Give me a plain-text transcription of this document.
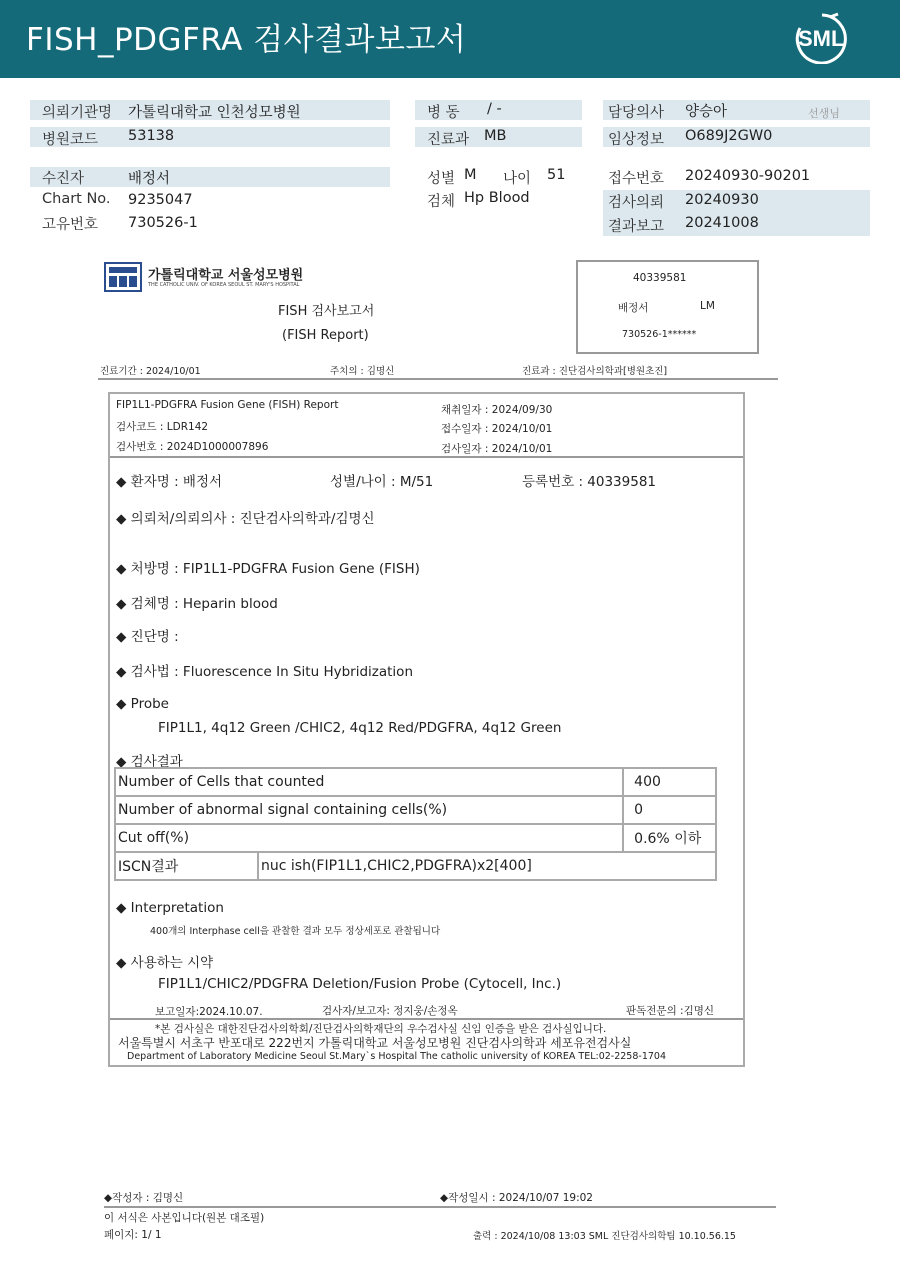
FISH_PDGFRA 검사결과보고서	SML
의뢰기관명 가톨릭대학교 인천성모병원
병원코드 53138
수진자	배정서
Chart No. 9235047
고유번호 730526-1
병 동 / -
진료과 MB
성별 M 나이 51
검체 Hp Blood
담당의사 양승아	선생님
임상정보 O689J2GW0
접수번호 20240930-90201
검사의뢰 20240930
결과보고 20241008
가톨릭대학교 서울성모병원
THE CATHOLIC UNIV. OF KOREA SEOUL ST. MARY'S HOSPITAL
FISH 검사보고서
(FISH Report)
40339581
배정서	LM
730526-1******
진료기간 : 2024/10/01	주치의 : 김명신	진료과 : 진단검사의학과[병원초진]
FIP1L1-PDGFRA Fusion Gene (FISH) Report
검사코드 : LDR142
검사번호 : 2024D1000007896
채취일자 : 2024/09/30
접수일자 : 2024/10/01
검사일자 : 2024/10/01
◆ 환자명 : 배정서	성별/나이 : M/51	등록번호 : 40339581
◆ 의뢰처/의뢰의사 : 진단검사의학과/김명신
◆ 처방명 : FIP1L1-PDGFRA Fusion Gene (FISH)
◆ 검체명 : Heparin blood
◆ 진단명 :
◆ 검사법 : Fluorescence In Situ Hybridization
◆ Probe
FIP1L1, 4q12 Green /CHIC2, 4q12 Red/PDGFRA, 4q12 Green
◆ 검사결과
Number of Cells that counted		400
Number of abnormal signal containing cells(%)		0
Cut off(%)		0.6% 이하
ISCN결과	nuc ish(FIP1L1,CHIC2,PDGFRA)x2[400]	
◆ Interpretation
400개의 Interphase cell을 관찰한 결과 모두 정상세포로 관찰됩니다
◆ 사용하는 시약
FIP1L1/CHIC2/PDGFRA Deletion/Fusion Probe (Cytocell, Inc.)
보고일자:2024.10.07.	검사자/보고자: 정지웅/손정옥	판독전문의 :김명신
*본 검사실은 대한진단검사의학회/진단검사의학재단의 우수검사실 신임 인증을 받은 검사실입니다.
서울특별시 서초구 반포대로 222번지 가톨릭대학교 서울성모병원 진단검사의학과 세포유전검사실
Department of Laboratory Medicine Seoul St.Mary`s Hospital The catholic university of KOREA TEL:02-2258-1704
◆작성자 : 김명신	◆작성일시 : 2024/10/07 19:02
이 서식은 사본입니다(원본 대조필)
페이지: 1/ 1	출력 : 2024/10/08 13:03 SML 진단검사의학팀 10.10.56.15
